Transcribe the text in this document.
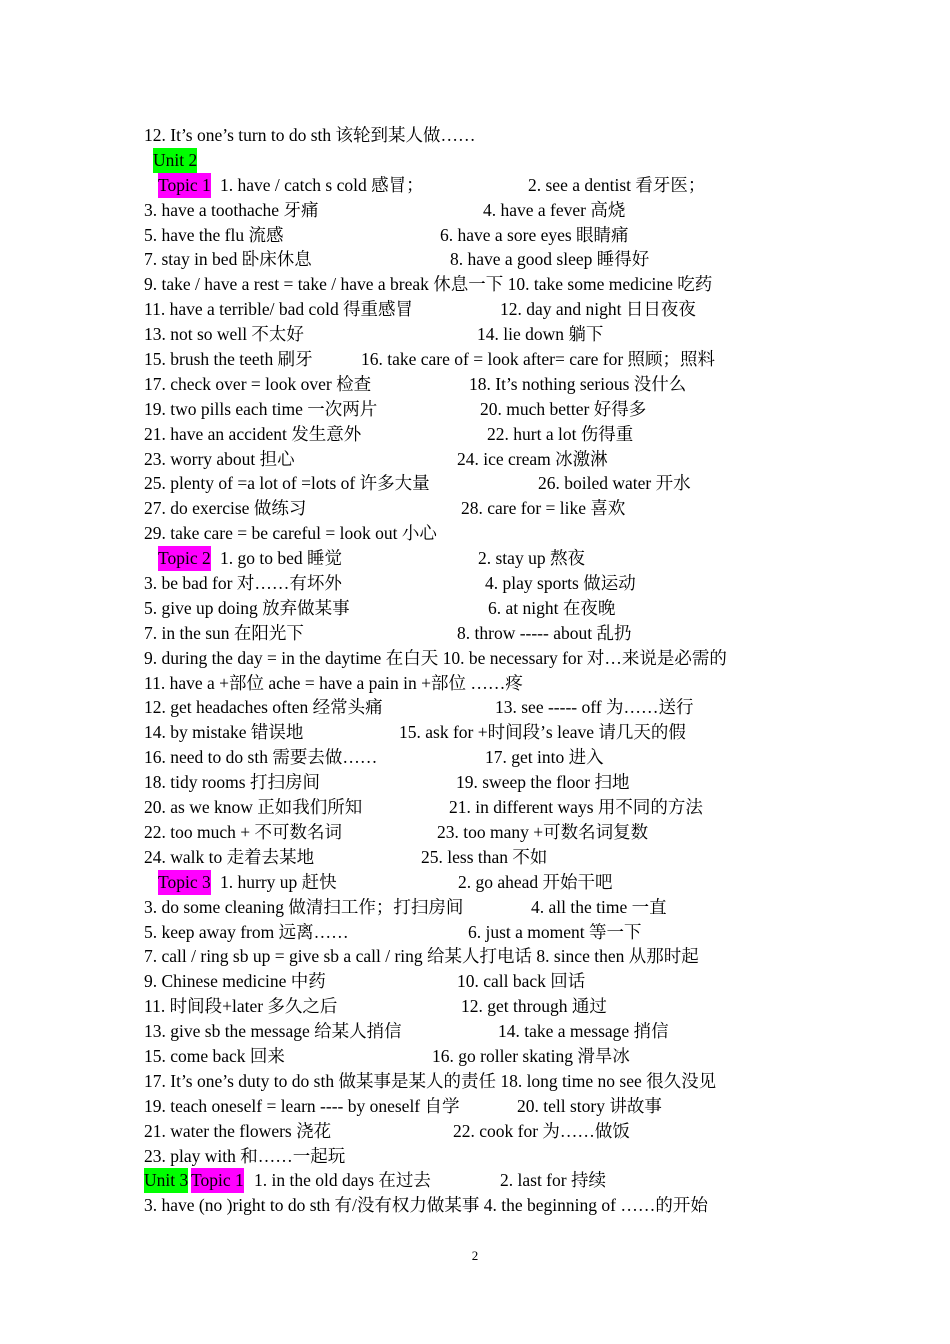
12. It’s one’s turn to do sth 该轮到某人做……
Unit 2
Topic 1 1. have / catch s cold 感冒；	2. see a dentist 看牙医；
3. have a toothache 牙痛	4. have a fever 高烧
5. have the flu 流感	6. have a sore eyes 眼睛痛
7. stay in bed 卧床休息	8. have a good sleep 睡得好
9. take / have a rest = take / have a break 休息一下 10. take some medicine 吃药
11. have a terrible/ bad cold 得重感冒	12. day and night 日日夜夜
13. not so well 不太好	14. lie down 躺下
15. brush the teeth 刷牙	16. take care of = look after= care for 照顾；照料
17. check over = look over 检查	18. It’s nothing serious 没什么
19. two pills each time 一次两片	20. much better 好得多
21. have an accident 发生意外	22. hurt a lot 伤得重
23. worry about 担心	24. ice cream 冰激淋
25. plenty of =a lot of =lots of 许多大量	26. boiled water 开水
27. do exercise 做练习	28. care for = like 喜欢
29. take care = be careful = look out 小心
Topic 2 1. go to bed 睡觉	2. stay up 熬夜
3. be bad for 对……有坏外	4. play sports 做运动
5. give up doing 放弃做某事	6. at night 在夜晚
7. in the sun 在阳光下	8. throw ----- about 乱扔
9. during the day = in the daytime 在白天 10. be necessary for 对…来说是必需的
11. have a +部位 ache = have a pain in +部位 ……疼
12. get headaches often 经常头痛	13. see ----- off 为……送行
14. by mistake 错误地	15. ask for +时间段’s leave 请几天的假
16. need to do sth 需要去做……	17. get into 进入
18. tidy rooms 打扫房间	19. sweep the floor 扫地
20. as we know 正如我们所知	21. in different ways 用不同的方法
22. too much + 不可数名词	23. too many +可数名词复数
24. walk to 走着去某地	25. less than 不如
Topic 3 1. hurry up 赶快	2. go ahead 开始干吧
3. do some cleaning 做清扫工作；打扫房间	4. all the time 一直
5. keep away from 远离……	6. just a moment 等一下
7. call / ring sb up = give sb a call / ring 给某人打电话 8. since then 从那时起
9. Chinese medicine 中药	10. call back 回话
11. 时间段+later 多久之后	12. get through 通过
13. give sb the message 给某人捎信	14. take a message 捎信
15. come back 回来	16. go roller skating 滑旱冰
17. It’s one’s duty to do sth 做某事是某人的责任 18. long time no see 很久没见
19. teach oneself = learn ---- by oneself 自学	20. tell story 讲故事
21. water the flowers 浇花	22. cook for 为……做饭
23. play with 和……一起玩
Unit 3 Topic 1 1. in the old days 在过去	2. last for 持续
3. have (no )right to do sth 有/没有权力做某事 4. the beginning of ……的开始
2
